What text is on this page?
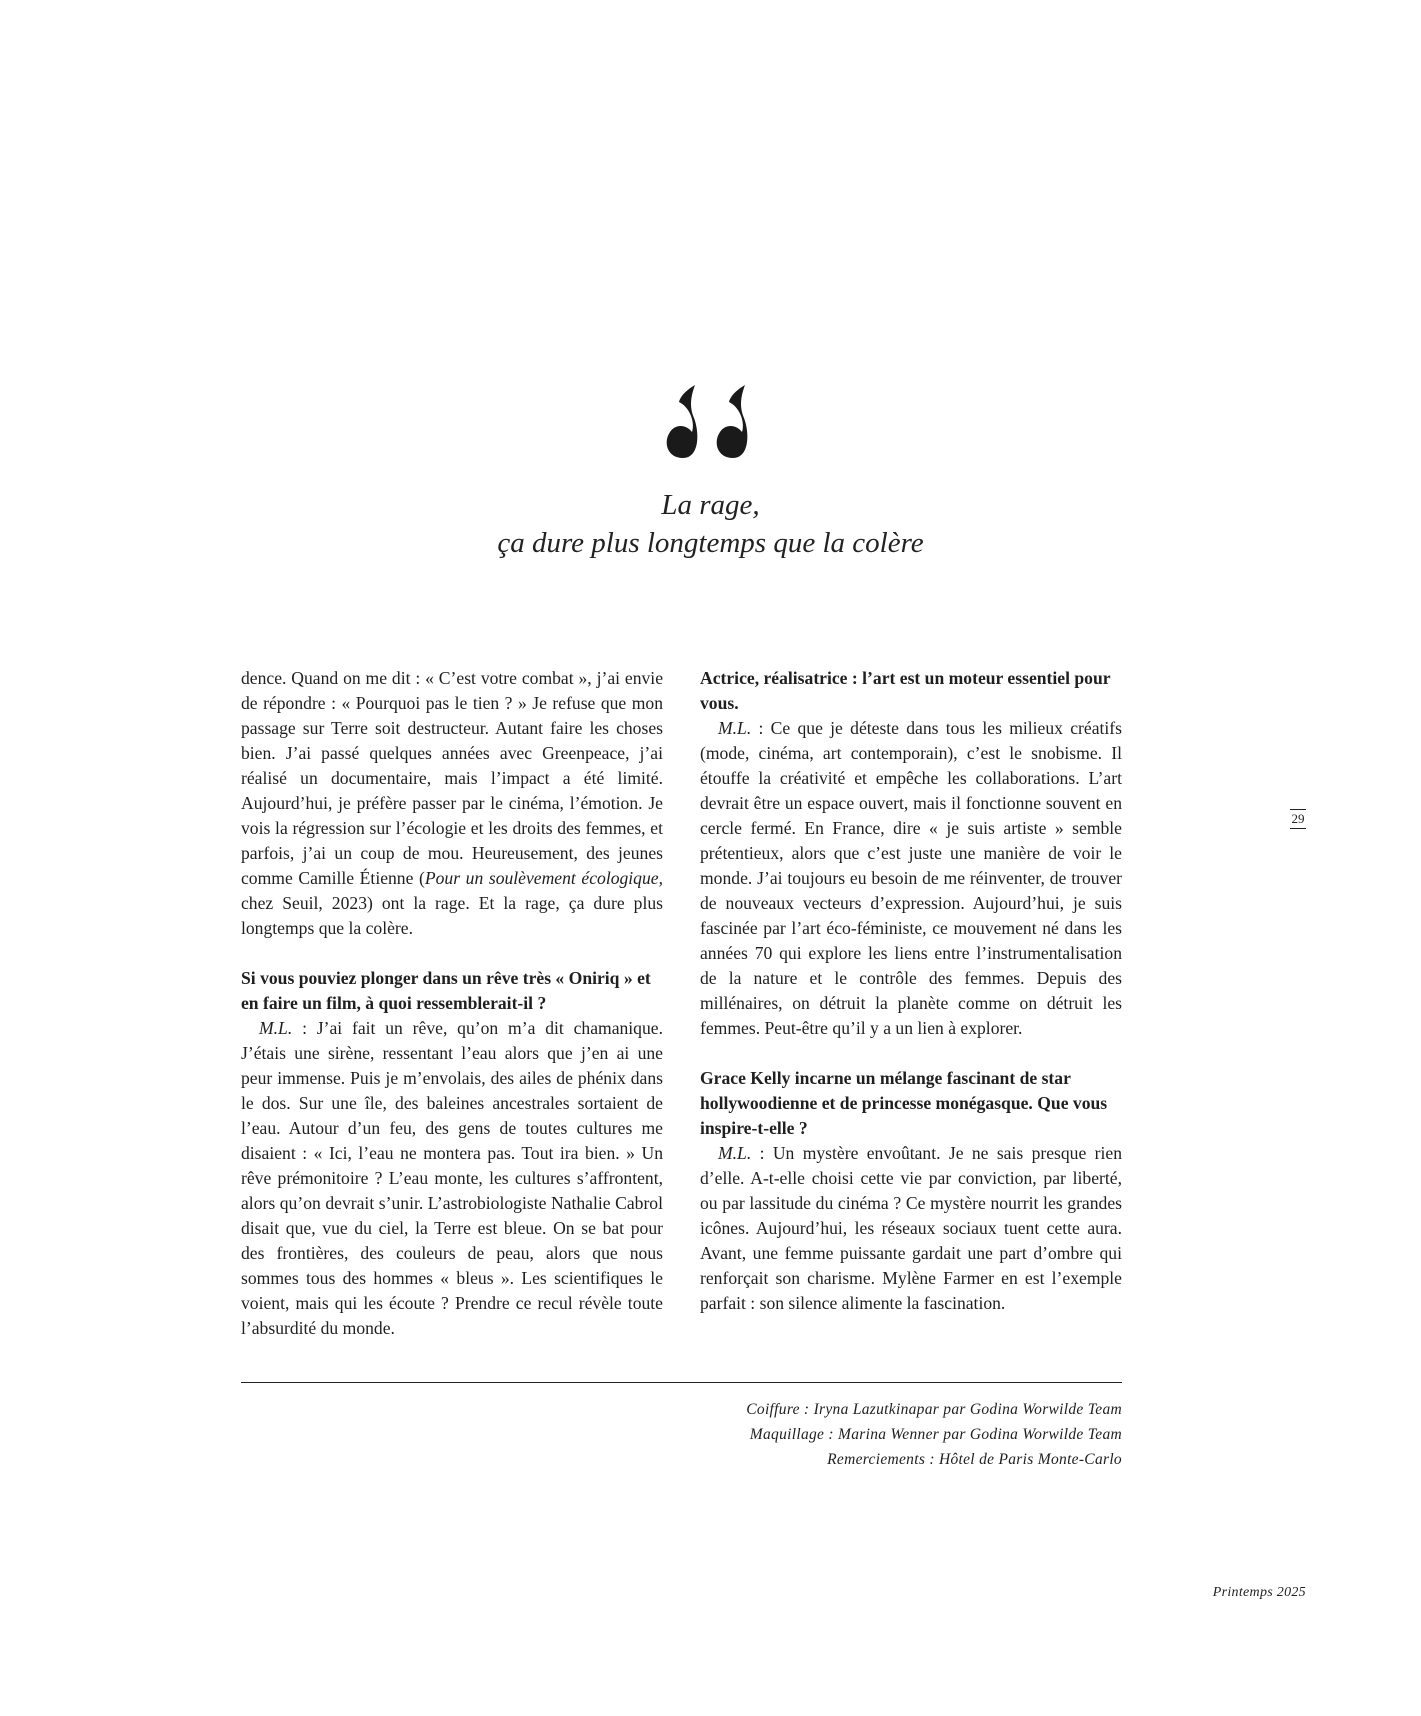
La rage,
ça dure plus longtemps que la colère

dence. Quand on me dit : « C’est votre combat », j’ai envie de répondre : « Pourquoi pas le tien ? » Je refuse que mon passage sur Terre soit destructeur. Autant faire les choses bien. J’ai passé quelques années avec Greenpeace, j’ai réalisé un documentaire, mais l’impact a été limité. Aujourd’hui, je préfère passer par le cinéma, l’émotion. Je vois la régression sur l’écologie et les droits des femmes, et parfois, j’ai un coup de mou. Heureusement, des jeunes comme Camille Étienne (Pour un soulèvement écologique, chez Seuil, 2023) ont la rage. Et la rage, ça dure plus longtemps que la colère.

Si vous pouviez plonger dans un rêve très « Oniriq » et en faire un film, à quoi ressemblerait-il ?

M.L. : J’ai fait un rêve, qu’on m’a dit chamanique. J’étais une sirène, ressentant l’eau alors que j’en ai une peur immense. Puis je m’envolais, des ailes de phénix dans le dos. Sur une île, des baleines ancestrales sortaient de l’eau. Autour d’un feu, des gens de toutes cultures me disaient : « Ici, l’eau ne montera pas. Tout ira bien. » Un rêve prémonitoire ? L’eau monte, les cultures s’affrontent, alors qu’on devrait s’unir. L’astrobiologiste Nathalie Cabrol disait que, vue du ciel, la Terre est bleue. On se bat pour des frontières, des couleurs de peau, alors que nous sommes tous des hommes « bleus ». Les scientifiques le voient, mais qui les écoute ? Prendre ce recul révèle toute l’absurdité du monde.

Actrice, réalisatrice : l’art est un moteur essentiel pour vous.

M.L. : Ce que je déteste dans tous les milieux créatifs (mode, cinéma, art contemporain), c’est le snobisme. Il étouffe la créativité et empêche les collaborations. L’art devrait être un espace ouvert, mais il fonctionne souvent en cercle fermé. En France, dire « je suis artiste » semble prétentieux, alors que c’est juste une manière de voir le monde. J’ai toujours eu besoin de me réinventer, de trouver de nouveaux vecteurs d’expression. Aujourd’hui, je suis fascinée par l’art éco-féministe, ce mouvement né dans les années 70 qui explore les liens entre l’instrumentalisation de la nature et le contrôle des femmes. Depuis des millénaires, on détruit la planète comme on détruit les femmes. Peut-être qu’il y a un lien à explorer.

Grace Kelly incarne un mélange fascinant de star hollywoodienne et de princesse monégasque. Que vous inspire-t-elle ?

M.L. : Un mystère envoûtant. Je ne sais presque rien d’elle. A-t-elle choisi cette vie par conviction, par liberté, ou par lassitude du cinéma ? Ce mystère nourrit les grandes icônes. Aujourd’hui, les réseaux sociaux tuent cette aura. Avant, une femme puissante gardait une part d’ombre qui renforçait son charisme. Mylène Farmer en est l’exemple parfait : son silence alimente la fascination.

29
Coiffure : Iryna Lazutkinapar par Godina Worwilde Team
Maquillage : Marina Wenner par Godina Worwilde Team
Remerciements : Hôtel de Paris Monte-Carlo
Printemps 2025
